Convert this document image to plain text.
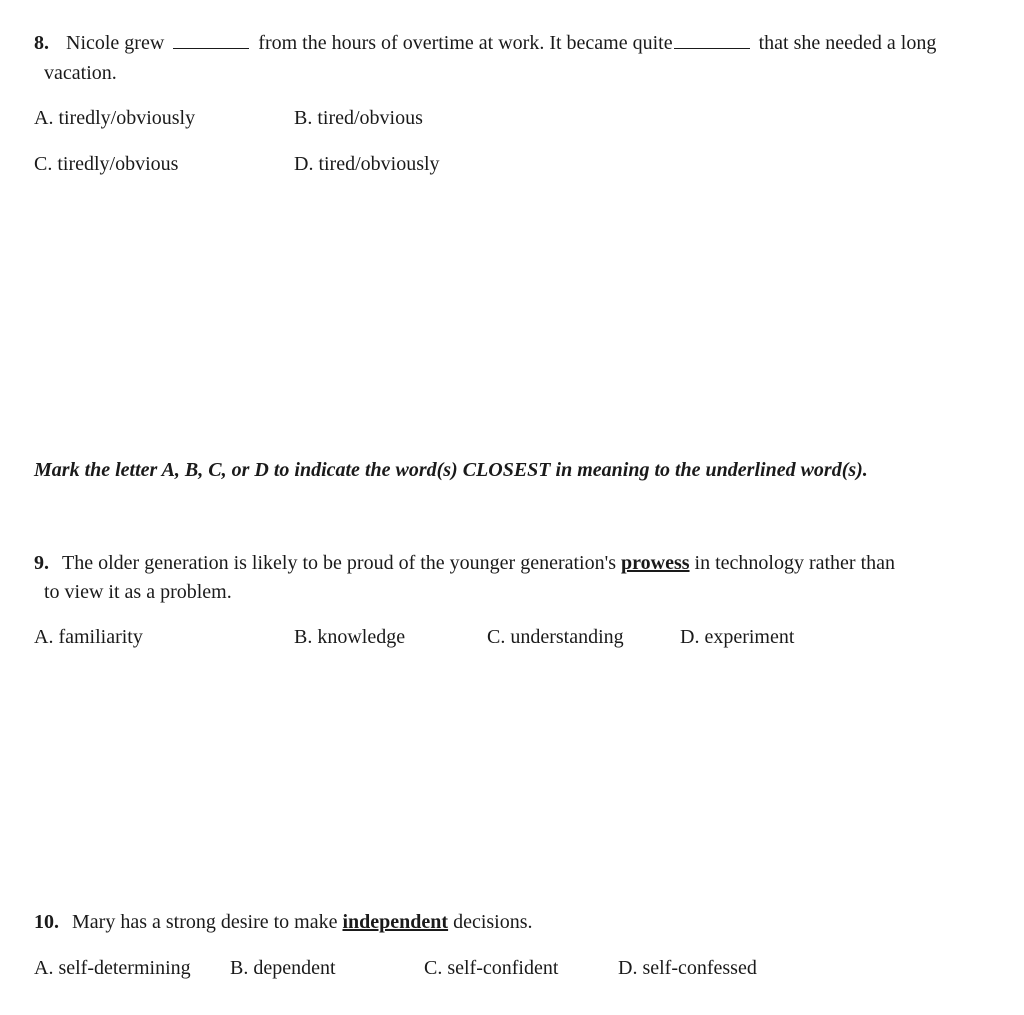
8. Nicole grew	from the hours of overtime at work. It became quite	that she needed a long
vacation.
A. tiredly/obviously	B. tired/obvious
C. tiredly/obvious	D. tired/obviously
Mark the letter A, B, C, or D to indicate the word(s) CLOSEST in meaning to the underlined word(s).
9. The older generation is likely to be proud of the younger generation's prowess in technology rather than
to view it as a problem.
A. familiarity	B. knowledge	C. understanding	D. experiment
10. Mary has a strong desire to make independent decisions.
A. self-determining B. dependent	C. self-confident	D. self-confessed
